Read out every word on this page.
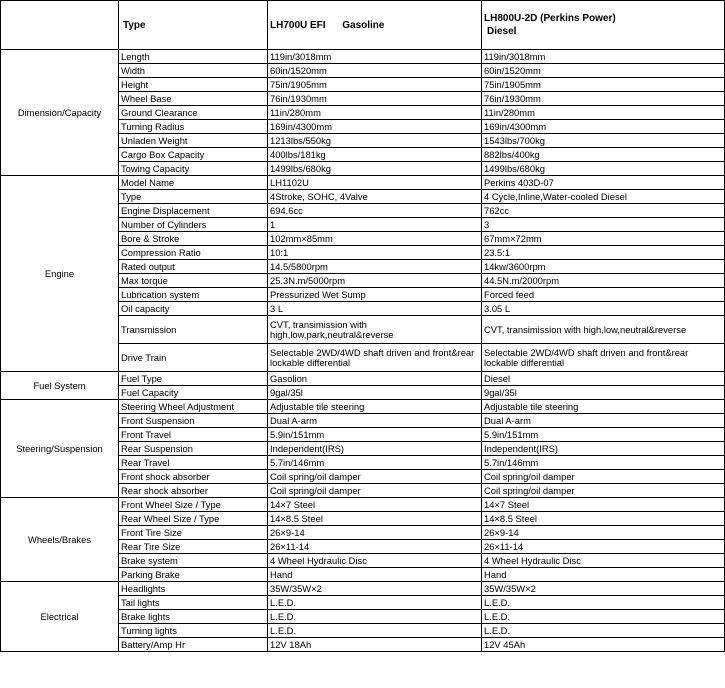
	Type	LH700U EFI      Gasoline	LH800U-2D (Perkins Power)
Diesel
Dimension/Capacity	Length	119in/3018mm	119in/3018mm
	Width	60in/1520mm	60in/1520mm
	Height	75in/1905mm	75in/1905mm
	Wheel Base	76in/1930mm	76in/1930mm
	Ground Clearance	11in/280mm	11in/280mm
	Turning Radius	169in/4300mm	169in/4300mm
	Unladen Weight	1213lbs/550kg	1543lbs/700kg
	Cargo Box Capacity	400lbs/181kg	882lbs/400kg
	Towing Capacity	1499lbs/680kg	1499lbs/680kg
Engine	Model Name	LH1102U	Perkins 403D-07
	Type	4Stroke, SOHC, 4Valve	4 Cycle,Inline,Water-cooled Diesel
	Engine Displacement	694.6cc	762cc
	Number of Cylinders	1	3
	Bore & Stroke	102mm×85mm	67mm×72mm
	Compression Ratio	10:1	23.5:1
	Rated output	14.5/5800rpm	14kw/3600rpm
	Max torque	25.3N.m/5000rpm	44.5N.m/2000rpm
	Lubrication system	Pressurized Wet Sump	Forced feed
	Oil capacity	3 L	3.05 L
	Transmission	CVT, transimission with high,low,park,neutral&reverse	CVT, transimission with high,low,neutral&reverse
	Drive Train	Selectable 2WD/4WD shaft driven and front&rear lockable differential	Selectable 2WD/4WD shaft driven and front&rear lockable differential
Fuel System	Fuel Type	Gasolion	Diesel
	Fuel Capacity	9gal/35l	9gal/35l
Steering/Suspension	Steering Wheel Adjustment	Adjustable tile steering	Adjustable tile steering
	Front Suspension	Dual A-arm	Dual A-arm
	Front Travel	5.9in/151mm	5.9in/151mm
	Rear Suspension	Independent(IRS)	Independent(IRS)
	Rear Travel	5.7in/146mm	5.7in/146mm
	Front shock absorber	Coil spring/oil damper	Coil spring/oil damper
	Rear shock absorber	Coil spring/oil damper	Coil spring/oil damper
Wheels/Brakes	Front Wheel Size / Type	14×7 Steel	14×7 Steel
	Rear Wheel Size / Type	14×8.5 Steel	14×8.5 Steel
	Front Tire Size	26×9-14	26×9-14
	Rear Tire Size	26×11-14	26×11-14
	Brake system	4 Wheel Hydraulic Disc	4 Wheel Hydraulic Disc
	Parking Brake	Hand	Hand
Electrical	Headlights	35W/35W×2	35W/35W×2
	Tail lights	L.E.D.	L.E.D.
	Brake lights	L.E.D.	L.E.D.
	Turning lights	L.E.D.	L.E.D.
	Battery/Amp Hr	12V 18Ah	12V 45Ah
